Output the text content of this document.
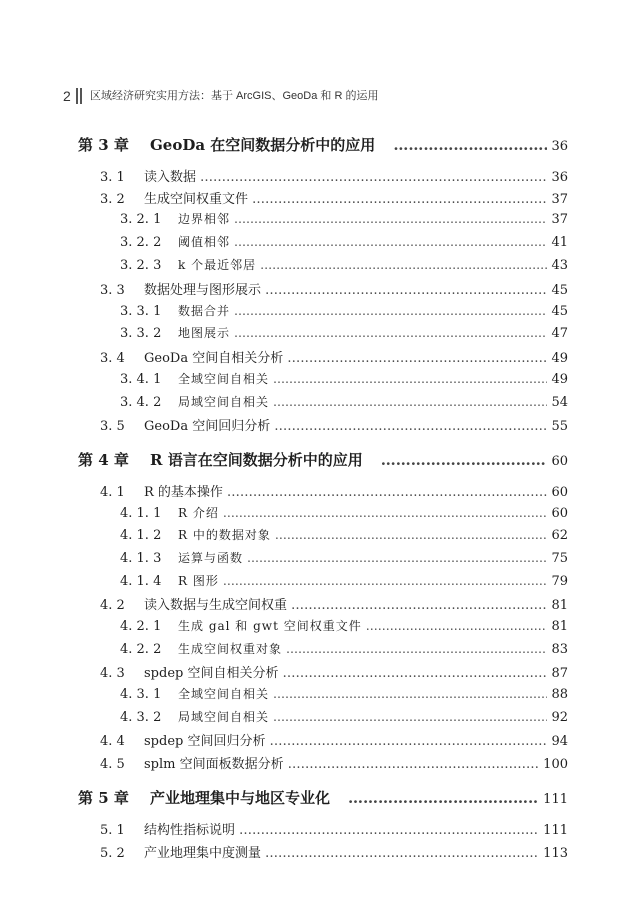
2 区域经济研究实用方法：基于 ArcGIS、GeoDa 和 R 的运用
第 3 章	GeoDa 在空间数据分析中的应用 ……………………………………………………………………………………………………………………………………	36
3. 1	读入数据 ……………………………………………………………………………………………………………………………………	36
3. 2	生成空间权重文件 ……………………………………………………………………………………………………………………………………	37
3. 2. 1	边界相邻 ……………………………………………………………………………………………………………………………………	37
3. 2. 2	阈值相邻 ……………………………………………………………………………………………………………………………………	41
3. 2. 3	k 个最近邻居 ……………………………………………………………………………………………………………………………………	43
3. 3	数据处理与图形展示 ……………………………………………………………………………………………………………………………………	45
3. 3. 1	数据合并 ……………………………………………………………………………………………………………………………………	45
3. 3. 2	地图展示 ……………………………………………………………………………………………………………………………………	47
3. 4	GeoDa 空间自相关分析 ……………………………………………………………………………………………………………………………………	49
3. 4. 1	全域空间自相关 ……………………………………………………………………………………………………………………………………	49
3. 4. 2	局域空间自相关 ……………………………………………………………………………………………………………………………………	54
3. 5	GeoDa 空间回归分析 ……………………………………………………………………………………………………………………………………	55
第 4 章	R 语言在空间数据分析中的应用 ……………………………………………………………………………………………………………………………………	60
4. 1	R 的基本操作 ……………………………………………………………………………………………………………………………………	60
4. 1. 1	R 介绍 ……………………………………………………………………………………………………………………………………	60
4. 1. 2	R 中的数据对象 ……………………………………………………………………………………………………………………………………	62
4. 1. 3	运算与函数 ……………………………………………………………………………………………………………………………………	75
4. 1. 4	R 图形 ……………………………………………………………………………………………………………………………………	79
4. 2	读入数据与生成空间权重 ……………………………………………………………………………………………………………………………………	81
4. 2. 1	生成 gal 和 gwt 空间权重文件 ……………………………………………………………………………………………………………………………………	81
4. 2. 2	生成空间权重对象 ……………………………………………………………………………………………………………………………………	83
4. 3	spdep 空间自相关分析 ……………………………………………………………………………………………………………………………………	87
4. 3. 1	全域空间自相关 ……………………………………………………………………………………………………………………………………	88
4. 3. 2	局域空间自相关 ……………………………………………………………………………………………………………………………………	92
4. 4	spdep 空间回归分析 ……………………………………………………………………………………………………………………………………	94
4. 5	splm 空间面板数据分析 ……………………………………………………………………………………………………………………………………	100
第 5 章	产业地理集中与地区专业化 ……………………………………………………………………………………………………………………………………	111
5. 1	结构性指标说明 ……………………………………………………………………………………………………………………………………	111
5. 2	产业地理集中度测量 ……………………………………………………………………………………………………………………………………	113
